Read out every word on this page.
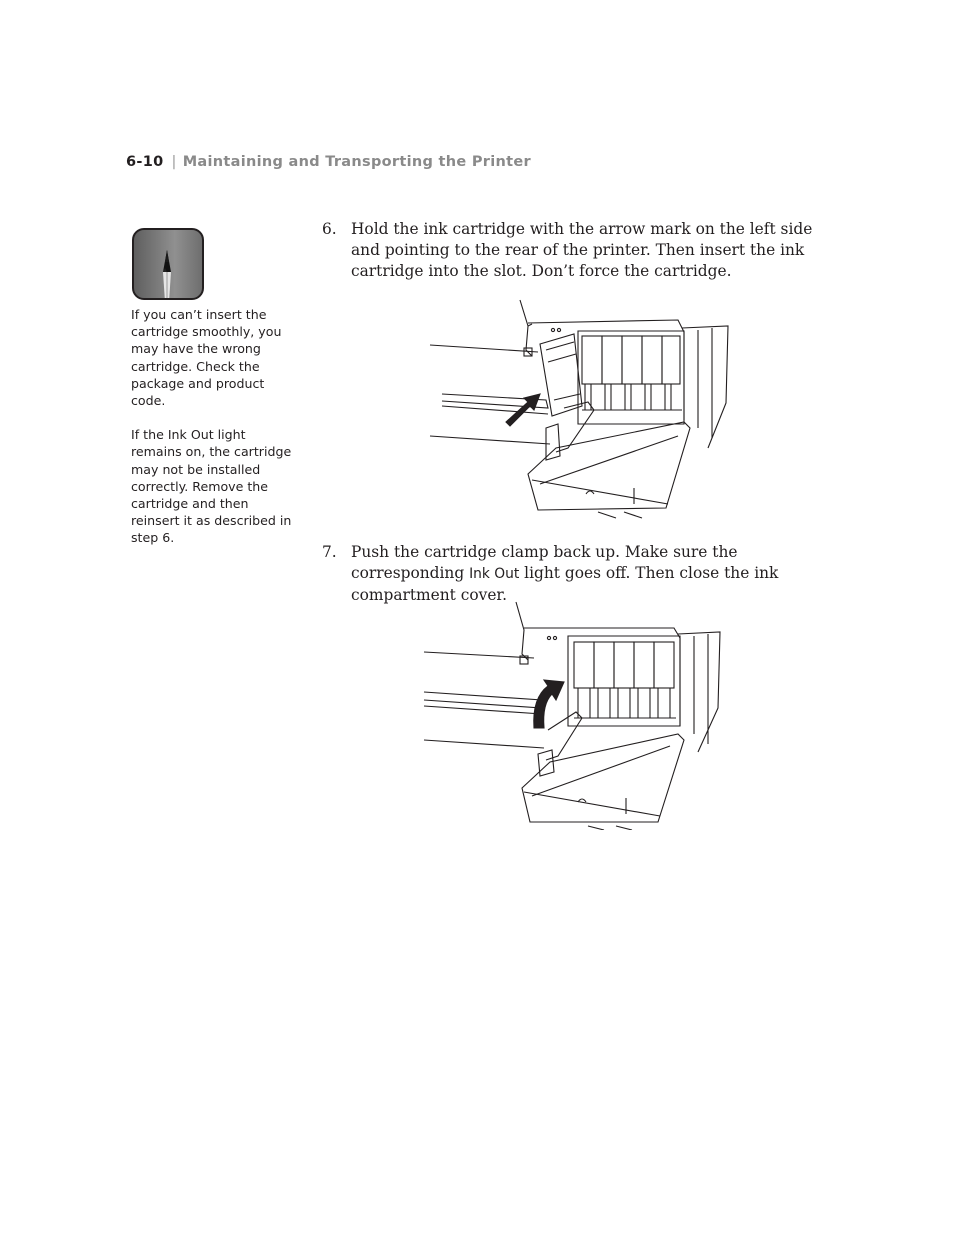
6-10 | Maintaining and Transporting the Printer

If you can’t insert the cartridge smoothly, you may have the wrong cartridge. Check the package and product code.

If the Ink Out light remains on, the cartridge may not be installed correctly. Remove the cartridge and then reinsert it as described in step 6.

6. Hold the ink cartridge with the arrow mark on the left side and pointing to the rear of the printer. Then insert the ink cartridge into the slot. Don’t force the cartridge.
7. Push the cartridge clamp back up. Make sure the corresponding Ink Out light goes off. Then close the ink compartment cover.
